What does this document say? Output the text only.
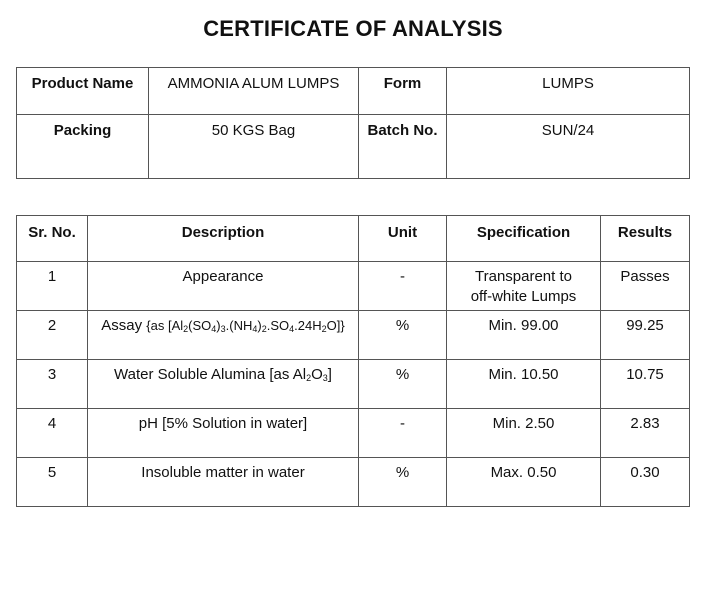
CERTIFICATE OF ANALYSIS
Product Name	AMMONIA ALUM LUMPS	Form	LUMPS
Packing	50 KGS Bag	Batch No.	SUN/24
Sr. No.	Description	Unit	Specification	Results
1	Appearance	-	Transparent to off-white Lumps	Passes
2	Assay {as $[Al_2(SO_4)_3.(NH_4)_2.SO_4.24H_2O]$}	%	Min. 99.00	99.25
3	Water Soluble Alumina [as $Al_2O_3$]	%	Min. 10.50	10.75
4	pH [5% Solution in water]	-	Min. 2.50	2.83
5	Insoluble matter in water	%	Max. 0.50	0.30
